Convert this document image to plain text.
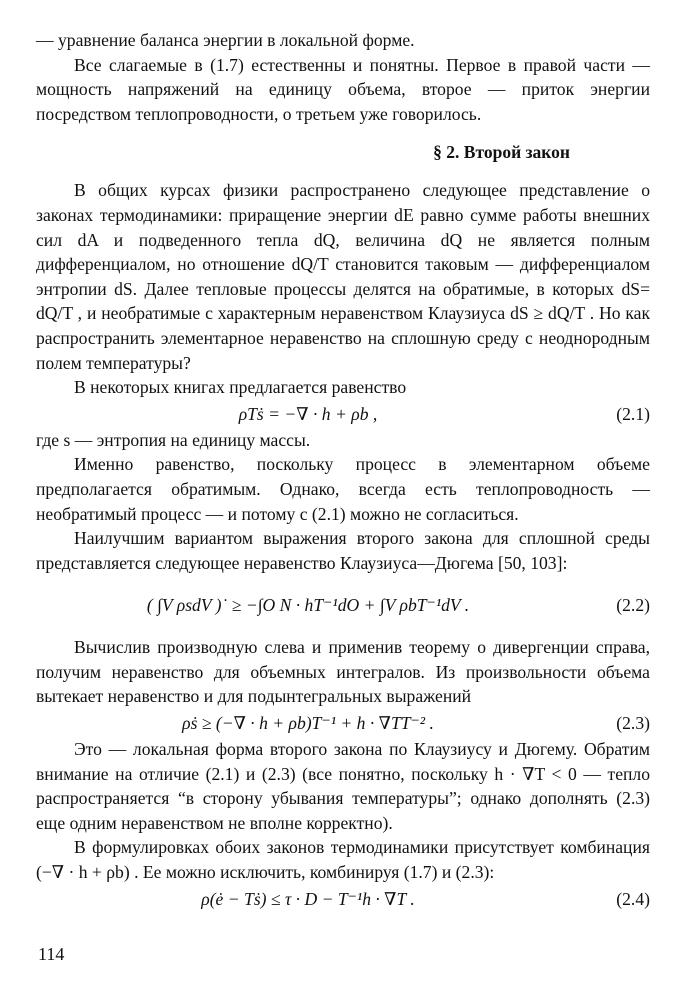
— уравнение баланса энергии в локальной форме.

Все слагаемые в (1.7) естественны и понятны. Первое в правой части — мощность напряжений на единицу объема, второе — приток энергии посредством теплопроводности, о третьем уже говорилось.

§ 2. Второй закон

В общих курсах физики распространено следующее представление о законах термодинамики: приращение энергии dE равно сумме работы внешних сил dA и подведенного тепла dQ, величина dQ не является полным дифференциалом, но отношение dQ/T становится таковым — дифференциалом энтропии dS. Далее тепловые процессы делятся на обратимые, в которых dS= dQ/T , и необратимые с характерным неравенством Клаузиуса dS ≥ dQ/T . Но как распространить элементарное неравенство на сплошную среду с неоднородным полем температуры?

В некоторых книгах предлагается равенство

ρTṡ = −∇ · h + ρb ,	(2.1)

где s — энтропия на единицу массы.

Именно равенство, поскольку процесс в элементарном объеме предполагается обратимым. Однако, всегда есть теплопроводность — необратимый процесс — и потому с (2.1) можно не согласиться.

Наилучшим вариантом выражения второго закона для сплошной среды представляется следующее неравенство Клаузиуса—Дюгема [50, 103]:

( ∫V ρsdV )˙ ≥ −∫O N · hT⁻¹dO + ∫V ρbT⁻¹dV .	(2.2)

Вычислив производную слева и применив теорему о дивергенции справа, получим неравенство для объемных интегралов. Из произвольности объема вытекает неравенство и для подынтегральных выражений

ρṡ ≥ (−∇ · h + ρb)T⁻¹ + h · ∇TT⁻² .	(2.3)

Это — локальная форма второго закона по Клаузиусу и Дюгему. Обратим внимание на отличие (2.1) и (2.3) (все понятно, поскольку h · ∇T < 0 — тепло распространяется “в сторону убывания температуры”; однако дополнять (2.3) еще одним неравенством не вполне корректно).

В формулировках обоих законов термодинамики присутствует комбинация (−∇ · h + ρb) . Ее можно исключить, комбинируя (1.7) и (2.3):

ρ(ė − Tṡ) ≤ τ · D − T⁻¹h · ∇T .	(2.4)
114
